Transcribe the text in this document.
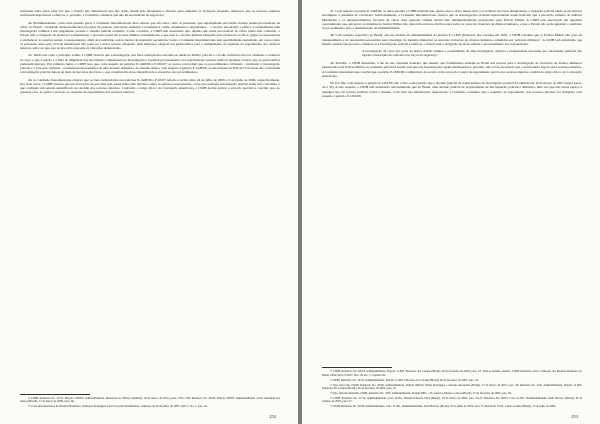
incluíram entre estes, uma vez que o Estado não demonstrou que tais ações teriam sido adequadas e eficazes para remediar as violações alegadas, tampouco que os recursos internos estivessem disponíveis e efetivos, e, portanto, a Comissão considera que não há necessidade de esgotá-los.

44. Preliminarmente, como uma questão geral, a Comissão Interamericana deve reiterar que em casos como os presentes, que supostamente envolvem ofensas penais processáveis de ofício no Brasil – incluindo desaparecimentos forçados de pessoas, execuções sumárias e tratamentos cruéis, desumanos e degradantes – o recurso apropriado e efetivo é normalmente uma investigação criminal e um julgamento perante o sistema judicial ordinário. Como corolário, a CIDH tem sustentado que, quando um crime processável de ofício tenha sido cometido, o Estado tem a obrigação de promover e impulsionar o processo penal até as suas últimas consequências, e que esse é o recurso judicial adequado para esclarecer os fatos, julgar os responsáveis e estabelecer as sanções penais correspondentes, além de possibilitar outros modos de reparação pecuniária. Como a Comissão Interamericana tem repetidamente assinalado, em casos como os presentes, uma ação civil de indenização não pode ser o único recurso adequado, nem tampouco exigível aos peticionários para o cumprimento do requisito do esgotamento dos recursos internos, uma vez que este recurso não responde às violações denunciadas.

45. Tendo em conta o princípio acima, a CIDH observa que a investigação dos fatos denunciados encontra-se ainda no âmbito policial e o Poder Judiciário não foi chamado a conhecer do caso, e que a inação e a falta de diligência das autoridades competentes na investigação e eventual processamento dos responsáveis tornaria ineficaz qualquer recurso que os peticionários pudessem interpor. Em primeiro lugar, a CIDH nota que, com respeito às petições P-1448/06 e P-665/07, as partes concordam que os procedimentos criminais – incluindo a investigação policial e o processo criminal – permaneceram pendentes de uma decisão definitiva. Ao mesmo tempo, com respeito à petição P-1448/06, as autoridades da Polícia Civil ainda não concluíram a investigação policial depois de mais de dez anos dos fatos, o que constitui um atraso injustificado e excessivo nos procedimentos.

46. A Comissão Interamericana observa que os fatos denunciados nas petições P-1448/06 e P-65/07 teriam ocorrido entre 24 de julho de 2006 e 6 de junho de 2006, respectivamente. Nos dois casos, a CIDH observa que não há notícia de que uma ação penal tenha sido iniciada contra os supostos responsáveis, ou de que qualquer investigação policial tenha sido concluída, o que configura um retardo injustificado na decisão dos recursos internos. Conforme o artigo 46.2.c da Convenção Americana, a CIDH decide aplicar a exceção prevista e concluir que, no presente caso, se aplica a exceção ao requisito de esgotamento dos recursos internos.

²⁸ CIDH, Relatório No. 51/10, Petição 1166/05, Admissibilidade, Massacres de Tibú (Colômbia), 18 de março de 2010, paras. 108 e 109; Relatório No. 26/04, Petição 769/05, Admissibilidade, Jacob Sebastián dos Santos (Brasil), 17 de março de 2009, para. 36.

²⁹ Corte Interamericana de Direitos Humanos, Velásquez Rodríguez Case Exceções Preliminares, Sentença de 26 de junho de 1987, Série C No. 1, para. 91.

252

47. Com respeito à petição P-1448/06, os autos perante a CIDH indicam que, quatro anos e cinco meses após a ocorrência dos fatos denunciados, o inquérito policial ainda se encontrava incompleto e pendente de conclusão. Adicionalmente, a Comissão Interamericana observa que as investigações revelam supostamente terem indicado que a execução sumária do Adilson Martiniano e os desaparecimentos forçados de outras duas supostas vítimas teriam sido fundamentalmente perpetrados pela Polícia Militar. A CIDH tem assevarado em repetidas oportunidades que, em geral, os sistemas de Justiça Militar não oferecem recursos efetivos para todos os casos de violações de direitos humanos, e que o Estado não pode aguardar o resultado do procedimento para a determinação da admissibilidade.

48. Com respeito específico ao Brasil, em sua decisão de admissibilidade da petição P-11.820 (Eldorado dos Carajás) em 2003, a CIDH concluiu que "a Polícia Militar não goza da independência e da autonomia necessárias para investigar de maneira imparcial as supostas violações de direitos humanos cometidas por policiais militares". A CIDH tem enfatizado que mesmo quando um processo criminal ou a investigação policial é ineficaz, o Estado tem a obrigação de levar adiante o processamento dos responsáveis:

A investigação de casos por parte da justiça militar elimina a possibilidade de uma investigação objetiva e independente executada por autoridades judiciais não ligadas à hierarquia de comando das forças de segurança.

49. Portanto, a CIDH determina, à luz de sua constante doutrina, que mesmo que formalmente existam no Brasil um recurso para a investigação de violações de direitos humanos perpetradas pela Polícia Militar, se considera aplicável fazem com que tais investigações sejam inadequadas e, portanto, não se faz necessário que o peticionário esgote esses recursos internos. A Comissão Interamericana conclui que a petição P-1656/06 é admissível, de acordo com a exceção à regra de esgotamento prévio dos recursos internos contida no artigo 46.2.c da Convenção Americana.

50. Por fim, com respeito à petição P-1452/06, não é fato controvertido que a decisão judicial de arquivamento da investigação policial foi emitida em 16 de março de 2007 (supra paras. 24 e 35). A este respeito, a CIDH tem sustentado reiteradamente que no Brasil, uma decisão judicial de arquivamento de um inquérito policial é definitiva, uma vez que não existe espaço a qualquer tipo de recurso judicial contra a mesma. Com base nas informações disponíveis, a Comissão considera que o requisito de esgotamento dos recursos internos foi cumprido com respeito à petição P-1452/06.

³⁰ CIDH, Relatório No. 60/03, Admissibilidade, Petição 11.820, Eldorado dos Carajás (Brasil), 20 de fevereiro de 2003, para. 23. Vide no mesmo sentido: CIDH, Relatório sobre a Situação dos Direitos Humanos no Brasil, OEA/Ser.L/V/II.97, Doc. 29 rev. 1, Capítulo III.

³¹ CIDH, Relatório No. 54/05, Admissibilidade, Petição 11.820, Eldorado dos Carajás (Brasil), 20 de fevereiro de 2003, para. 25.

³² Veja, inter alia, CIDH, Relatório No. 29/06, Admissibilidade, Petição 906-03, Néldo Rodrigues e Antonio Alexandre (Brasil), 17 de março de 2010, para. 34; Relatório No. 4/02, Admissibilidade, Petição 11.600, Eldorado dos Carajás (Brasil), 20 de fevereiro de 2003, para. 25.

³³ Veja, mutatis mutandis, CIDH, Relatório No. 3/09, Admissibilidade, Petição 866/.../10, Gustavo Moura e outros (Brasil), 25 de fevereiro de 2009, para. 39.

³⁴ CIDH, Relatório No. 57/10, Admissibilidade, Caso 12.851, Brenda Eduardo Silva (Brasil), 18 de março de 2009, para. 25-27; Relatório No. 60/03, Caso 12.301, Inadmissibilidade, Aldir Barreto (Brasil), 30 de outubro de 2003, para. 27.

³⁵ CIDH, Relatório No. 32/09, Admissibilidade, Caso 12.301, Inadmissibilidade, Aldir Barreto (Brasil), 25 de julho de 2003, para. 27; Relatório 31/04, Liardo Gomes (Brasil), 13 de julho de 2004.

253
